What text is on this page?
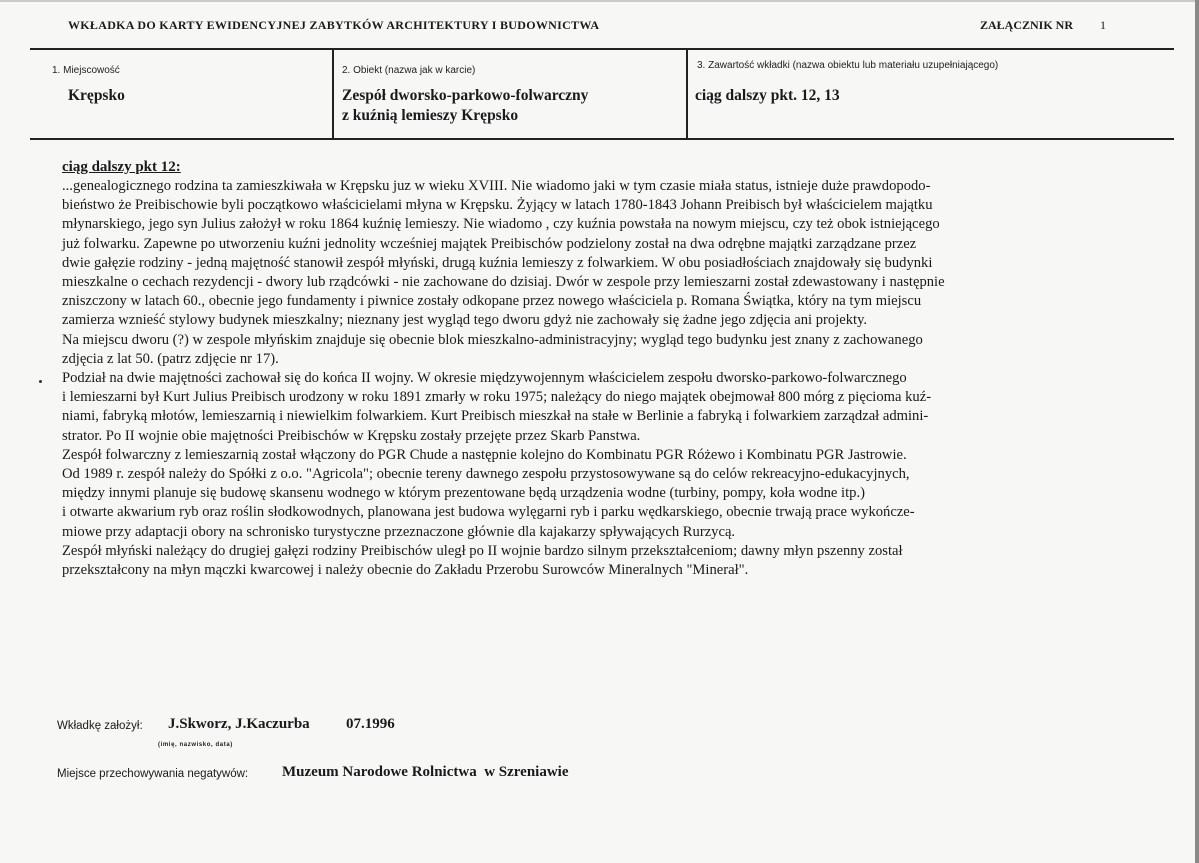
WKŁADKA DO KARTY EWIDENCYJNEJ ZABYTKÓW ARCHITEKTURY I BUDOWNICTWA	ZAŁĄCZNIK NR 1
1. Miejscowość
Krępsko
2. Obiekt (nazwa jak w karcie)
Zespół dworsko-parkowo-folwarczny
z kuźnią lemieszy Krępsko
3. Zawartość wkładki (nazwa obiektu lub materiału uzupełniającego)
ciąg dalszy pkt. 12, 13
ciąg dalszy pkt 12:
...genealogicznego rodzina ta zamieszkiwała w Krępsku juz w wieku XVIII. Nie wiadomo jaki w tym czasie miała status, istnieje duże prawdopodo-
bieństwo że Preibischowie byli początkowo właścicielami młyna w Krępsku. Żyjący w latach 1780-1843 Johann Preibisch był właścicielem majątku
młynarskiego, jego syn Julius założył w roku 1864 kuźnię lemieszy. Nie wiadomo , czy kuźnia powstała na nowym miejscu, czy też obok istniejącego
już folwarku. Zapewne po utworzeniu kuźni jednolity wcześniej majątek Preibischów podzielony został na dwa odrębne majątki zarządzane przez
dwie gałęzie rodziny - jedną majętność stanowił zespół młyński, drugą kuźnia lemieszy z folwarkiem. W obu posiadłościach znajdowały się budynki
mieszkalne o cechach rezydencji - dwory lub rządcówki - nie zachowane do dzisiaj. Dwór w zespole przy lemieszarni został zdewastowany i następnie
zniszczony w latach 60., obecnie jego fundamenty i piwnice zostały odkopane przez nowego właściciela p. Romana Świątka, który na tym miejscu
zamierza wznieść stylowy budynek mieszkalny; nieznany jest wygląd tego dworu gdyż nie zachowały się żadne jego zdjęcia ani projekty.
Na miejscu dworu (?) w zespole młyńskim znajduje się obecnie blok mieszkalno-administracyjny; wygląd tego budynku jest znany z zachowanego
zdjęcia z lat 50. (patrz zdjęcie nr 17).
Podział na dwie majętności zachował się do końca II wojny. W okresie międzywojennym właścicielem zespołu dworsko-parkowo-folwarcznego
i lemieszarni był Kurt Julius Preibisch urodzony w roku 1891 zmarły w roku 1975; należący do niego majątek obejmował 800 mórg z pięcioma kuź-
niami, fabryką młotów, lemieszarnią i niewielkim folwarkiem. Kurt Preibisch mieszkał na stałe w Berlinie a fabryką i folwarkiem zarządzał admini-
strator. Po II wojnie obie majętności Preibischów w Krępsku zostały przejęte przez Skarb Panstwa.
Zespół folwarczny z lemieszarnią został włączony do PGR Chude a następnie kolejno do Kombinatu PGR Różewo i Kombinatu PGR Jastrowie.
Od 1989 r. zespół należy do Spółki z o.o. "Agricola"; obecnie tereny dawnego zespołu przystosowywane są do celów rekreacyjno-edukacyjnych,
między innymi planuje się budowę skansenu wodnego w którym prezentowane będą urządzenia wodne (turbiny, pompy, koła wodne itp.)
i otwarte akwarium ryb oraz roślin słodkowodnych, planowana jest budowa wylęgarni ryb i parku wędkarskiego, obecnie trwają prace wykończe-
miowe przy adaptacji obory na schronisko turystyczne przeznaczone głównie dla kajakarzy spływających Rurzycą.
Zespół młyński należący do drugiej gałęzi rodziny Preibischów uległ po II wojnie bardzo silnym przekształceniom; dawny młyn pszenny został
przekształcony na młyn mączki kwarcowej i należy obecnie do Zakładu Przerobu Surowców Mineralnych "Minerał".
Wkładkę założył: J.Skworz, J.Kaczurba 07.1996
(imię, nazwisko, data)
Miejsce przechowywania negatywów: Muzeum Narodowe Rolnictwa  w Szreniawie
